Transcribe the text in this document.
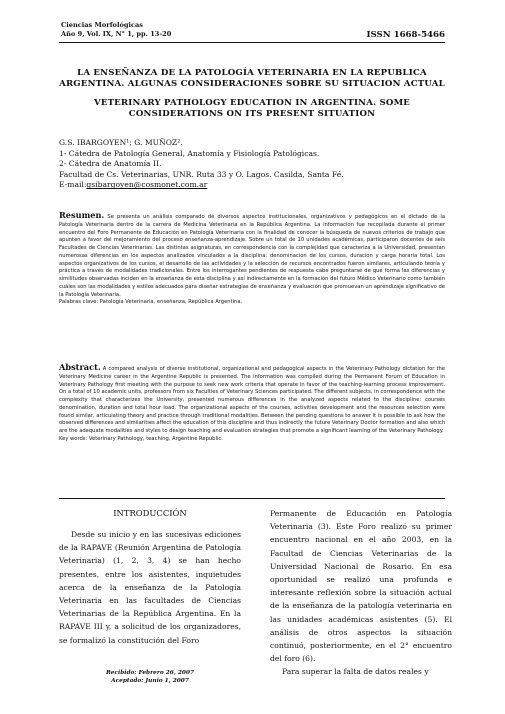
Ciencias Morfológicas
Año 9, Vol. IX, N° 1, pp. 13-20	ISSN 1668-5466
LA ENSEÑANZA DE LA PATOLOGÍA VETERINARIA EN LA REPUBLICA ARGENTINA. ALGUNAS CONSIDERACIONES SOBRE SU SITUACION ACTUAL
VETERINARY PATHOLOGY EDUCATION IN ARGENTINA. SOME CONSIDERATIONS ON ITS PRESENT SITUATION
G.S. IBARGOYEN¹; G. MUÑOZ².
1- Cátedra de Patología General, Anatomía y Fisiología Patológicas.
2- Cátedra de Anatomía II.
Facultad de Cs. Veterinarias, UNR. Ruta 33 y O. Lagos. Casilda, Santa Fé.
E-mail:gsibargoyen@cosmonet.com.ar
Resumen. Se presenta un análisis comparado de diversos aspectos institucionales, organizativos y pedagógicos en el dictado de la Patología Veterinaria dentro de la carrera de Medicina Veterinaria en la República Argentina. La información fue recopilada durante el primer encuentro del Foro Permanente de Educación en Patología Veterinaria con la finalidad de conocer la búsqueda de nuevos criterios de trabajo que apunten a favor del mejoramiento del proceso enseñanza-aprendizaje. Sobre un total de 10 unidades académicas, participaron docentes de seis Facultades de Ciencias Veterinarias. Las distintas asignaturas, en correspondencia con la complejidad que caracteriza a la Universidad, presentan numerosas diferencias en los aspectos analizados vinculados a la disciplina: denominación de los cursos, duración y carga horaria total. Los aspectos organizativos de los cursos, el desarrollo de las actividades y la selección de recursos encontrados fueron similares, articulando teoría y práctica a través de modalidades tradicionales. Entre los interrogantes pendientes de respuesta cabe preguntarse de qué forma las diferencias y similitudes observadas inciden en la enseñanza de esta disciplina y así indirectamente en la formación del futuro Médico Veterinario como también cuáles son las modalidades y estilos adecuados para diseñar estrategias de enseñanza y evaluación que promuevan un aprendizaje significativo de la Patología Veterinaria.
Palabras clave: Patología Veterinaria, enseñanza, República Argentina.
Abstract. A compared analysis of diverse institutional, organizational and pedagogical aspects in the Veterinary Pathology dictation for the Veterinary Medicine career in the Argentine Republic is presented. The information was compiled during the Permanent Forum of Education in Veterinary Pathology first meeting with the purpose to seek new work criteria that operate in favor of the teaching-learning process improvement. On a total of 10 academic units, professors from six Faculties of Veterinary Sciences participated. The different subjects, in correspondence with the complexity that characterizes the University, presented numerous differences in the analyzed aspects related to the discipline: courses denomination, duration and total hour load. The organizational aspects of the courses, activities development and the resources selection were found similar, articulating theory and practice through traditional modalities. Between the pending questions to answer it is possible to ask how the observed differences and similarities affect the education of this discipline and thus indirectly the future Veterinary Doctor formation and also which are the adequate modalities and styles to design teaching and evaluation strategies that promote a significant learning of the Veterinary Pathology.
Key words: Veterinary Pathology, teaching, Argentine Republic.
INTRODUCCIÓN

Desde su inicio y en las sucesivas ediciones de la RAPAVE (Reunión Argentina de Patología Veterinaria) (1, 2, 3, 4) se han hecho presentes, entre los asistentes, inquietudes acerca de la enseñanza de la Patología Veterinaria en las facultades de Ciencias Veterinarias de la República Argentina. En la RAPAVE III y, a solicitud de los organizadores, se formalizó la constitución del Foro

Permanente de Educación en Patología Veterinaria (3). Este Foro realizó su primer encuentro nacional en el año 2003, en la Facultad de Ciencias Veterinarias de la Universidad Nacional de Rosario. En esa oportunidad se realizó una profunda e interesante reflexión sobre la situación actual de la enseñanza de la patología veterinaria en las unidades académicas asistentes (5). El análisis de otros aspectos la situación continuó, posteriormente, en el 2° encuentro del foro (6).

Para superar la falta de datos reales y

Recibido: Febrero 26, 2007
Aceptado: Junio 1, 2007
